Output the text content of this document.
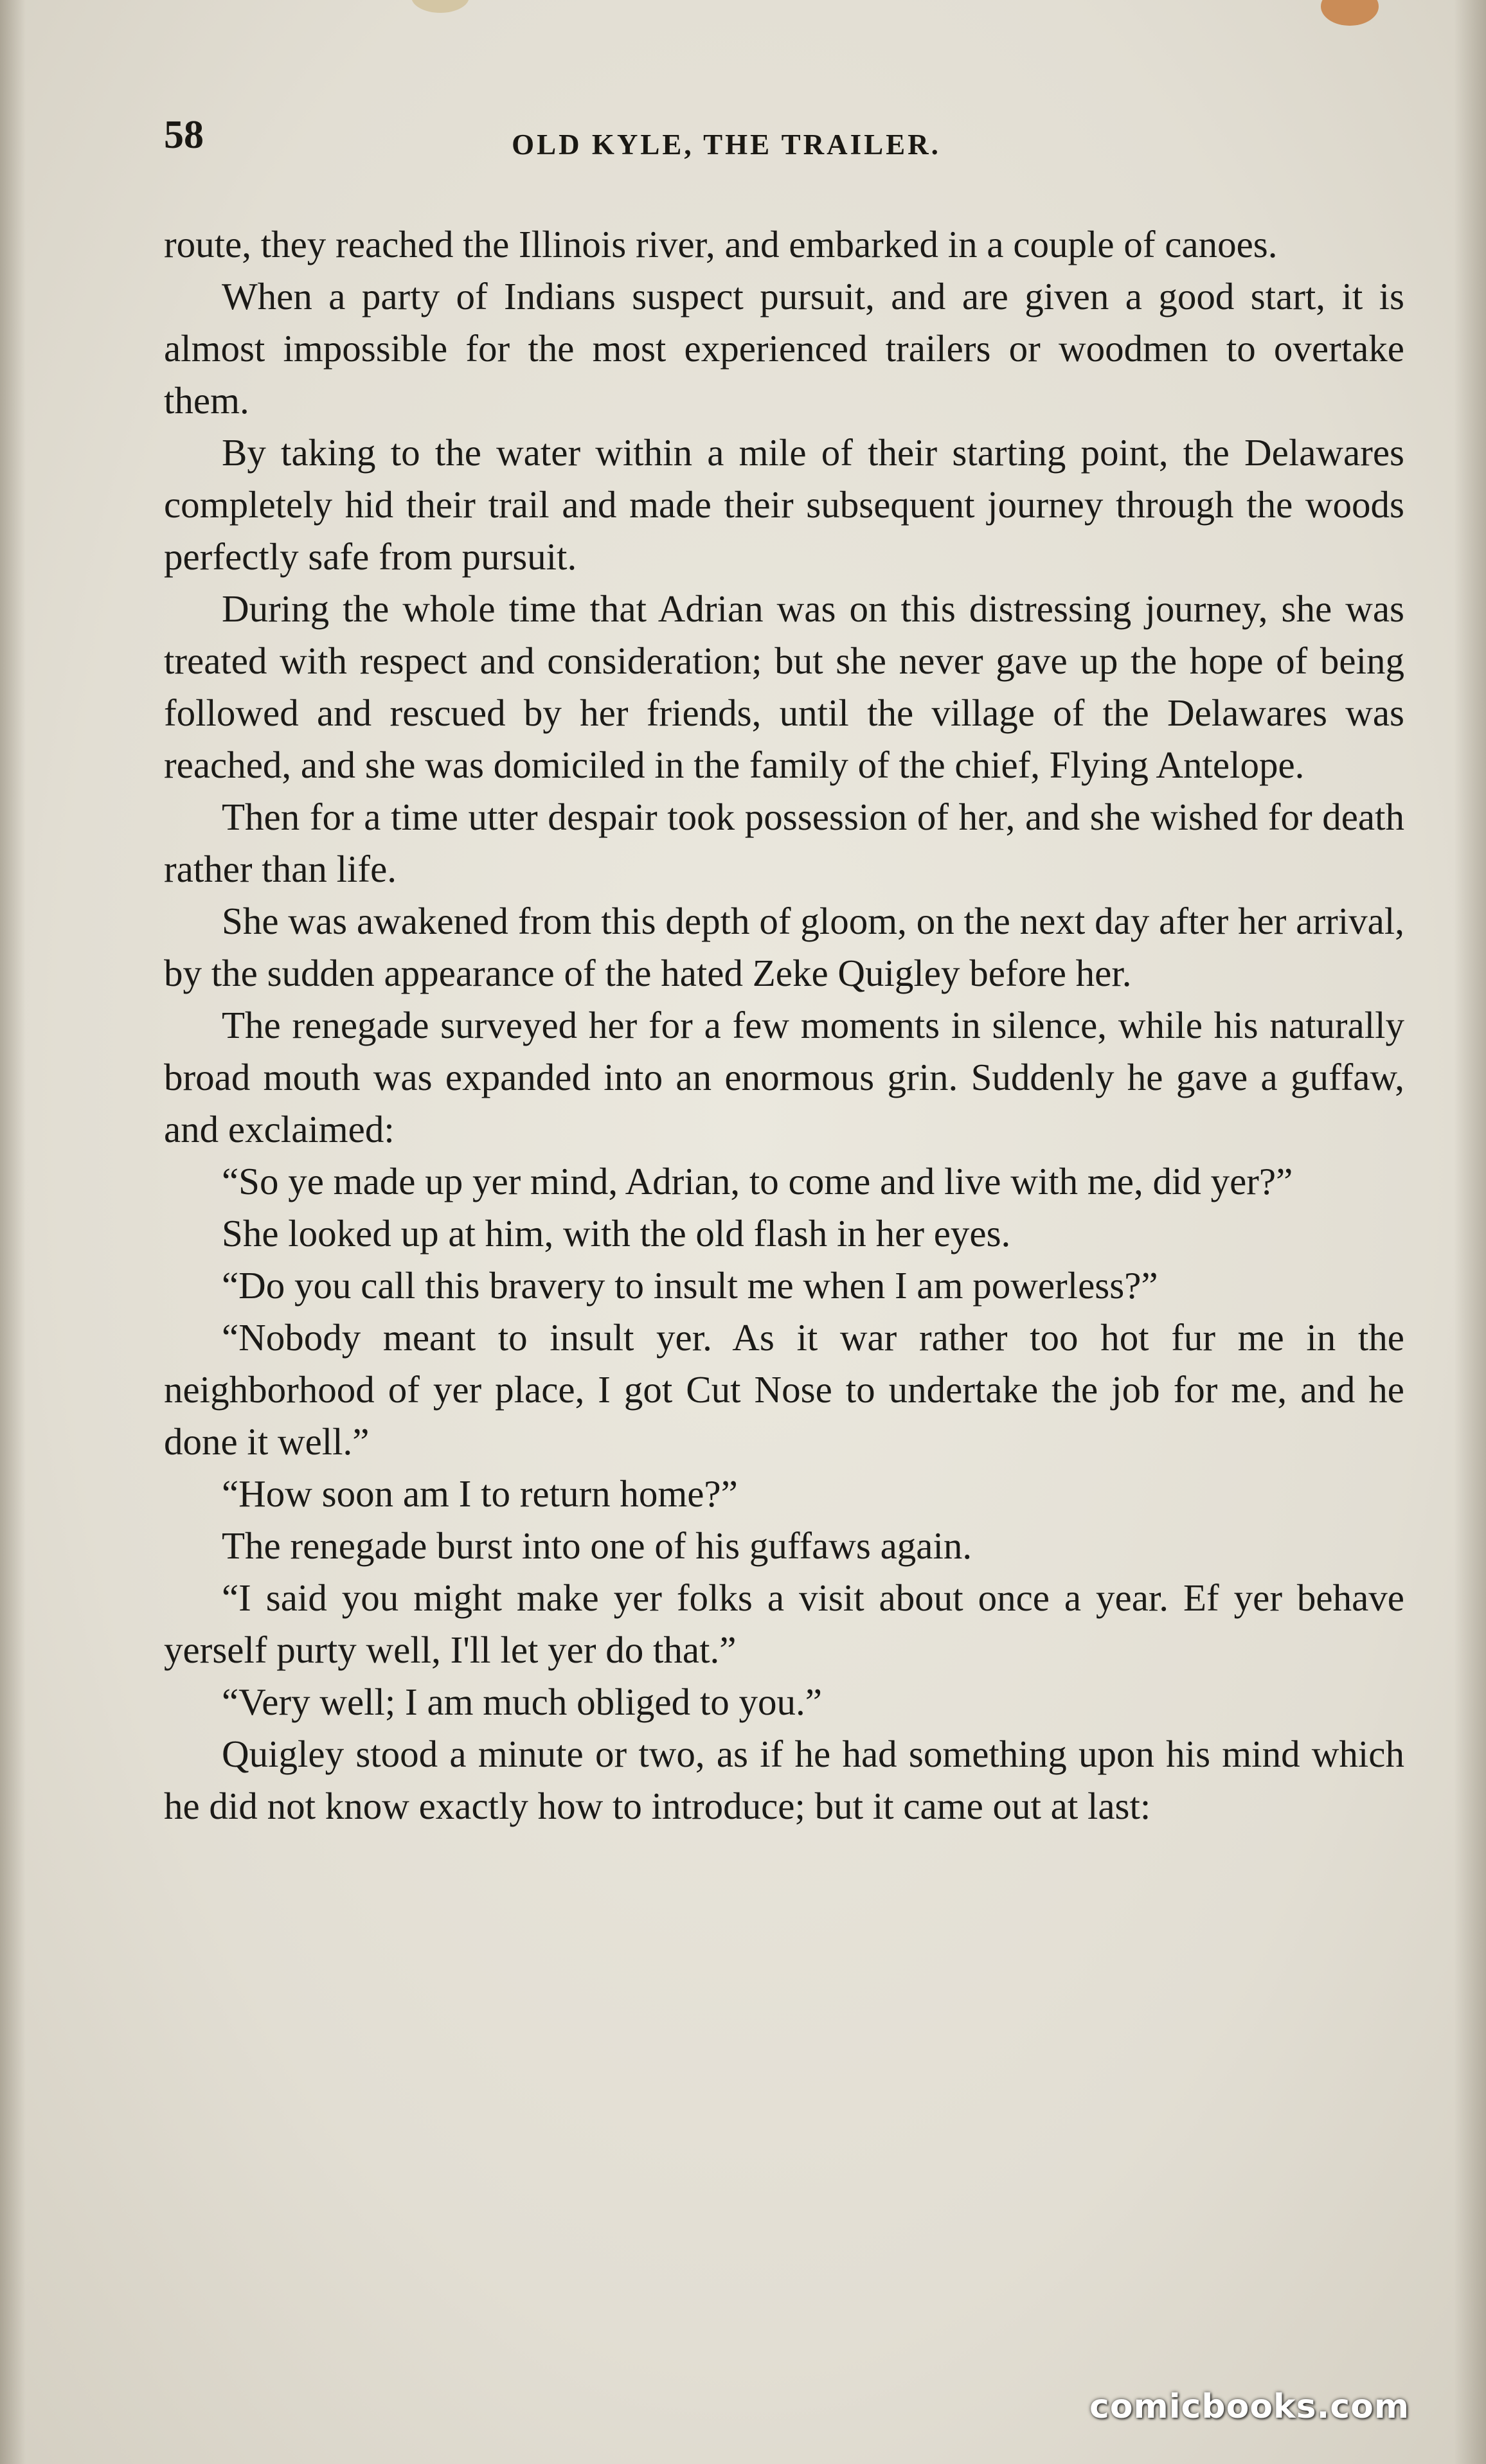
58	OLD KYLE, THE TRAILER.

route, they reached the Illinois river, and embarked in a couple of canoes.

When a party of Indians suspect pursuit, and are given a good start, it is almost impossible for the most experienced trailers or woodmen to overtake them.

By taking to the water within a mile of their starting point, the Delawares completely hid their trail and made their subsequent journey through the woods perfectly safe from pursuit.

During the whole time that Adrian was on this distressing journey, she was treated with respect and consideration; but she never gave up the hope of being followed and rescued by her friends, until the village of the Delawares was reached, and she was domiciled in the family of the chief, Flying Antelope.

Then for a time utter despair took possession of her, and she wished for death rather than life.

She was awakened from this depth of gloom, on the next day after her arrival, by the sudden appearance of the hated Zeke Quigley before her.

The renegade surveyed her for a few moments in silence, while his naturally broad mouth was expanded into an enormous grin. Suddenly he gave a guffaw, and exclaimed:

“So ye made up yer mind, Adrian, to come and live with me, did yer?”

She looked up at him, with the old flash in her eyes.

“Do you call this bravery to insult me when I am powerless?”

“Nobody meant to insult yer. As it war rather too hot fur me in the neighborhood of yer place, I got Cut Nose to undertake the job for me, and he done it well.”

“How soon am I to return home?”

The renegade burst into one of his guffaws again.

“I said you might make yer folks a visit about once a year. Ef yer behave yerself purty well, I'll let yer do that.”

“Very well; I am much obliged to you.”

Quigley stood a minute or two, as if he had something upon his mind which he did not know exactly how to introduce; but it came out at last:

comicbooks.com
